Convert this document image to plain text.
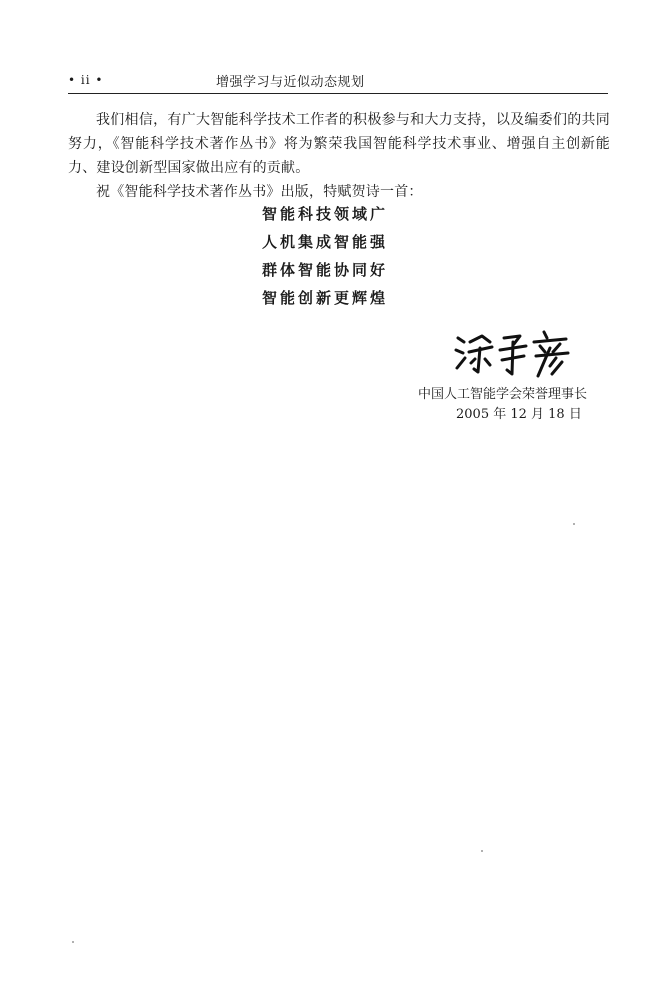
• ii •	增强学习与近似动态规划

我们相信，有广大智能科学技术工作者的积极参与和大力支持，以及编委们的共同努力，《智能科学技术著作丛书》将为繁荣我国智能科学技术事业、增强自主创新能力、建设创新型国家做出应有的贡献。

祝《智能科学技术著作丛书》出版，特赋贺诗一首：

智能科技领域广
人机集成智能强
群体智能协同好
智能创新更辉煌
中国人工智能学会荣誉理事长
2005 年 12 月 18 日
